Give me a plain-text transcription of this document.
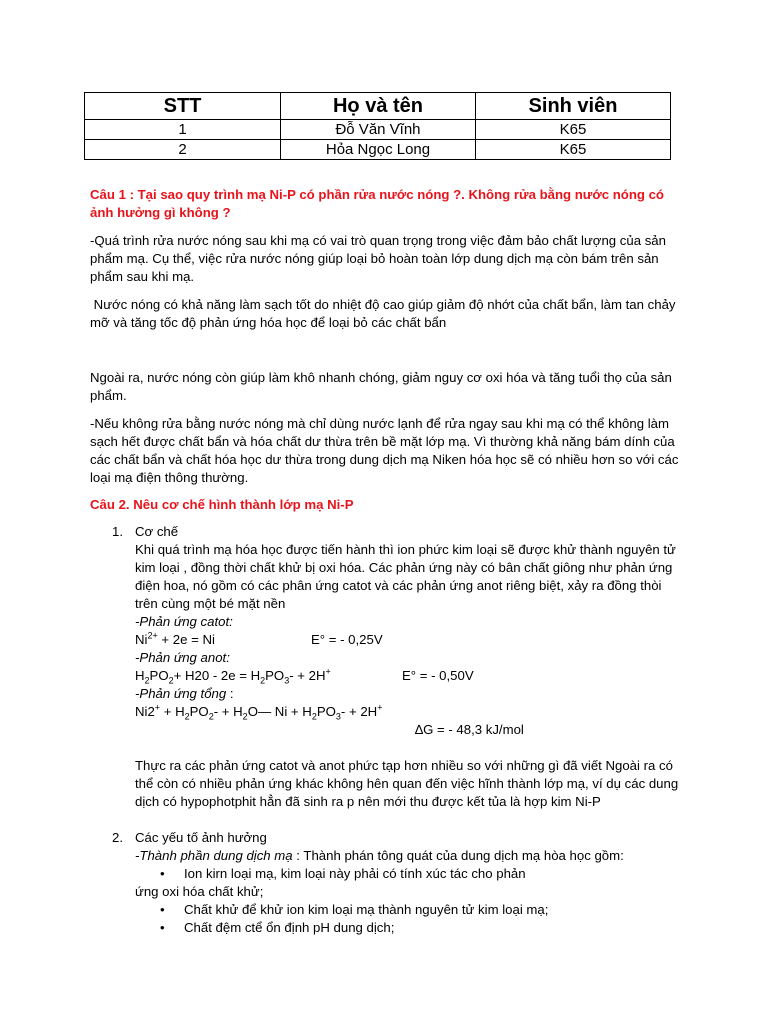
STT	Họ và tên	Sinh viên
1	Đỗ Văn Vĩnh	K65
2	Hỏa Ngọc Long	K65

Câu 1 : Tại sao quy trình mạ Ni-P có phần rửa nước nóng ?. Không rửa bằng nước nóng có ảnh hưởng gì không ?

-Quá trình rửa nước nóng sau khi mạ có vai trò quan trọng trong việc đảm bảo chất lượng của sản phẩm mạ. Cụ thể, việc rửa nước nóng giúp loại bỏ hoàn toàn lớp dung dịch mạ còn bám trên sản phẩm sau khi mạ.

Nước nóng có khả năng làm sạch tốt do nhiệt độ cao giúp giảm độ nhớt của chất bẩn, làm tan chảy mỡ và tăng tốc độ phản ứng hóa học để loại bỏ các chất bẩn

Ngoài ra, nước nóng còn giúp làm khô nhanh chóng, giảm nguy cơ oxi hóa và tăng tuổi thọ của sản phẩm.

-Nếu không rửa bằng nước nóng mà chỉ dùng nước lạnh để rửa ngay sau khi mạ có thể không làm sạch hết được chất bẩn và hóa chất dư thừa trên bề mặt lớp mạ. Vì thường khả năng bám dính của các chất bẩn và chất hóa học dư thừa trong dung dịch mạ Niken hóa học sẽ có nhiều hơn so với các loại mạ điện thông thường.

Câu 2. Nêu cơ chế hình thành lớp mạ Ni-P

1. Cơ chế
Khi quá trình mạ hóa học được tiến hành thì ion phức kim loại sẽ được khử thành nguyên tử kim loại , đồng thời chất khử bị oxi hóa. Các phản ứng này có bân chất giông như phản ứng điện hoa, nó gồm có các phân ứng catot và các phản ứng anot riêng biệt, xảy ra đồng thòi trên cùng một bé mặt nền
-Phản ứng catot:
$Ni^{2+} + 2e = Ni$	E° = - 0,25V
-Phản ứng anot:
$H_2PO_2+ H20 - 2e = H_2PO_3- + 2H^+$	E° = - 0,50V
-Phản ứng tổng :
$Ni2^+ + H_2PO_2-$ + $H_2O—$ $Ni + H_2PO_3- + 2H^+$
∆G = - 48,3 kJ/mol
Thực ra các phản ứng catot và anot phức tạp hơn nhiều so với những gì đã viết Ngoài ra có thể còn có nhiều phản ứng khác không hên quan đến việc hĩnh thành lớp mạ, ví dụ các dung dịch có hypophotphit hẳn đã sinh ra p nên mới thu được kết tủa là hợp kim Ni-P
2. Các yếu tố ảnh hưởng
-Thành phần dung dịch mạ : Thành phán tông quát của dung dịch mạ hòa học gồm:
• Ion kirn loại mạ, kim loại này phải có tính xúc tác cho phản
ứng oxi hóa chất khử;
• Chất khử để khử ion kim loại mạ thành nguyên tử kim loại mạ;
• Chất đệm ctể ổn định pH dung dịch;
